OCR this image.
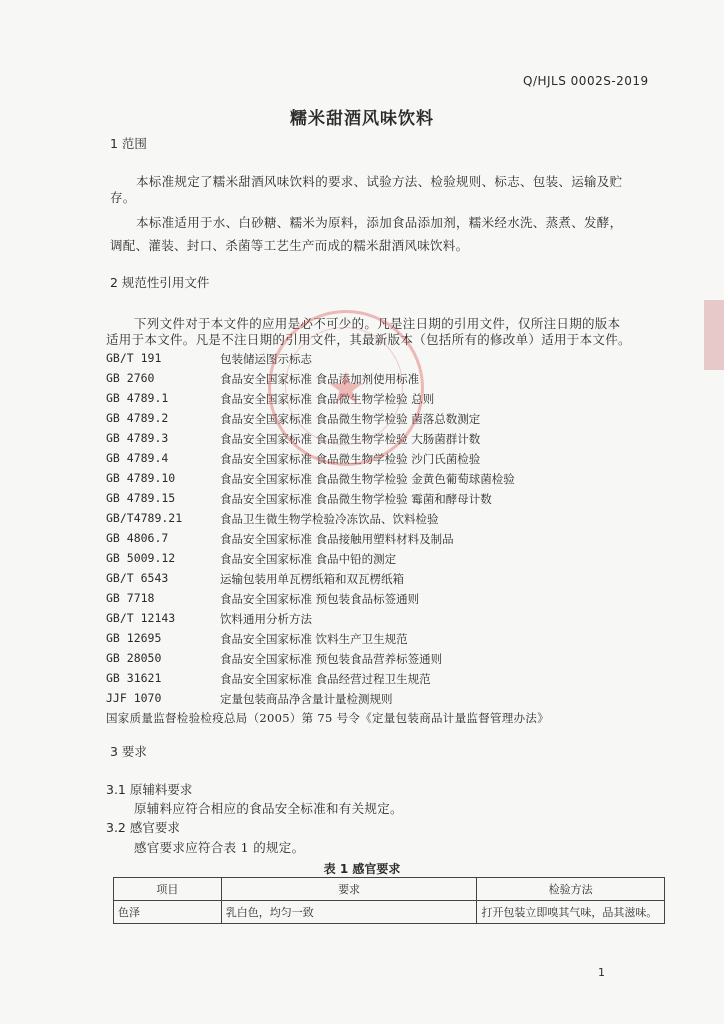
Q/HJLS 0002S-2019
糯米甜酒风味饮料
1 范围
本标准规定了糯米甜酒风味饮料的要求、试验方法、检验规则、标志、包装、运输及贮
存。
本标准适用于水、白砂糖、糯米为原料，添加食品添加剂，糯米经水洗、蒸煮、发酵，
调配、灌装、封口、杀菌等工艺生产而成的糯米甜酒风味饮料。
2 规范性引用文件
下列文件对于本文件的应用是必不可少的。凡是注日期的引用文件，仅所注日期的版本
适用于本文件。凡是不注日期的引用文件，其最新版本（包括所有的修改单）适用于本文件。
GB/T 191	包装储运图示标志
GB 2760	食品安全国家标准 食品添加剂使用标准
GB 4789.1	食品安全国家标准 食品微生物学检验 总则
GB 4789.2	食品安全国家标准 食品微生物学检验 菌落总数测定
GB 4789.3	食品安全国家标准 食品微生物学检验 大肠菌群计数
GB 4789.4	食品安全国家标准 食品微生物学检验 沙门氏菌检验
GB 4789.10	食品安全国家标准 食品微生物学检验 金黄色葡萄球菌检验
GB 4789.15	食品安全国家标准 食品微生物学检验 霉菌和酵母计数
GB/T4789.21	食品卫生微生物学检验冷冻饮品、饮料检验
GB 4806.7	食品安全国家标准 食品接触用塑料材料及制品
GB 5009.12	食品安全国家标准 食品中铅的测定
GB/T 6543	运输包装用单瓦楞纸箱和双瓦楞纸箱
GB 7718	食品安全国家标准 预包装食品标签通则
GB/T 12143	饮料通用分析方法
GB 12695	食品安全国家标准 饮料生产卫生规范
GB 28050	食品安全国家标准 预包装食品营养标签通则
GB 31621	食品安全国家标准 食品经营过程卫生规范
JJF 1070	定量包装商品净含量计量检测规则
国家质量监督检验检疫总局（2005）第 75 号令《定量包装商品计量监督管理办法》
3 要求
3.1 原辅料要求
原辅料应符合相应的食品安全标准和有关规定。
3.2 感官要求
感官要求应符合表 1 的规定。
表 1 感官要求
项目	要求	检验方法
色泽	乳白色，均匀一致	打开包装立即嗅其气味，品其滋味。
★
1
